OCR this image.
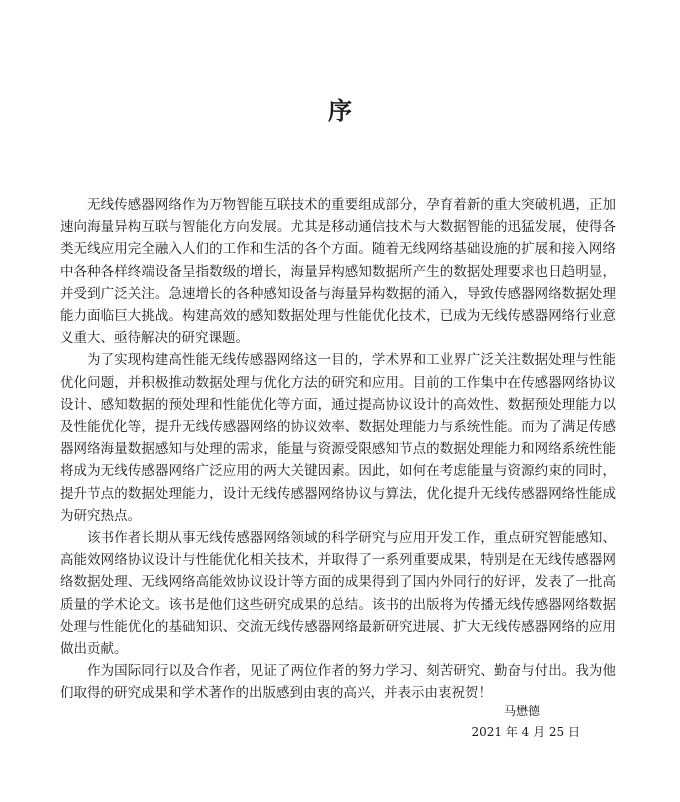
序

无线传感器网络作为万物智能互联技术的重要组成部分，孕育着新的重大突破机遇，正加速向海量异构互联与智能化方向发展。尤其是移动通信技术与大数据智能的迅猛发展，使得各类无线应用完全融入人们的工作和生活的各个方面。随着无线网络基础设施的扩展和接入网络中各种各样终端设备呈指数级的增长，海量异构感知数据所产生的数据处理要求也日趋明显，并受到广泛关注。急速增长的各种感知设备与海量异构数据的涌入，导致传感器网络数据处理能力面临巨大挑战。构建高效的感知数据处理与性能优化技术，已成为无线传感器网络行业意义重大、亟待解决的研究课题。

为了实现构建高性能无线传感器网络这一目的，学术界和工业界广泛关注数据处理与性能优化问题，并积极推动数据处理与优化方法的研究和应用。目前的工作集中在传感器网络协议设计、感知数据的预处理和性能优化等方面，通过提高协议设计的高效性、数据预处理能力以及性能优化等，提升无线传感器网络的协议效率、数据处理能力与系统性能。而为了满足传感器网络海量数据感知与处理的需求，能量与资源受限感知节点的数据处理能力和网络系统性能将成为无线传感器网络广泛应用的两大关键因素。因此，如何在考虑能量与资源约束的同时，提升节点的数据处理能力，设计无线传感器网络协议与算法，优化提升无线传感器网络性能成为研究热点。

该书作者长期从事无线传感器网络领域的科学研究与应用开发工作，重点研究智能感知、高能效网络协议设计与性能优化相关技术，并取得了一系列重要成果，特别是在无线传感器网络数据处理、无线网络高能效协议设计等方面的成果得到了国内外同行的好评，发表了一批高质量的学术论文。该书是他们这些研究成果的总结。该书的出版将为传播无线传感器网络数据处理与性能优化的基础知识、交流无线传感器网络最新研究进展、扩大无线传感器网络的应用做出贡献。

作为国际同行以及合作者，见证了两位作者的努力学习、刻苦研究、勤奋与付出。我为他们取得的研究成果和学术著作的出版感到由衷的高兴，并表示由衷祝贺！

马懋德
2021 年 4 月 25 日
